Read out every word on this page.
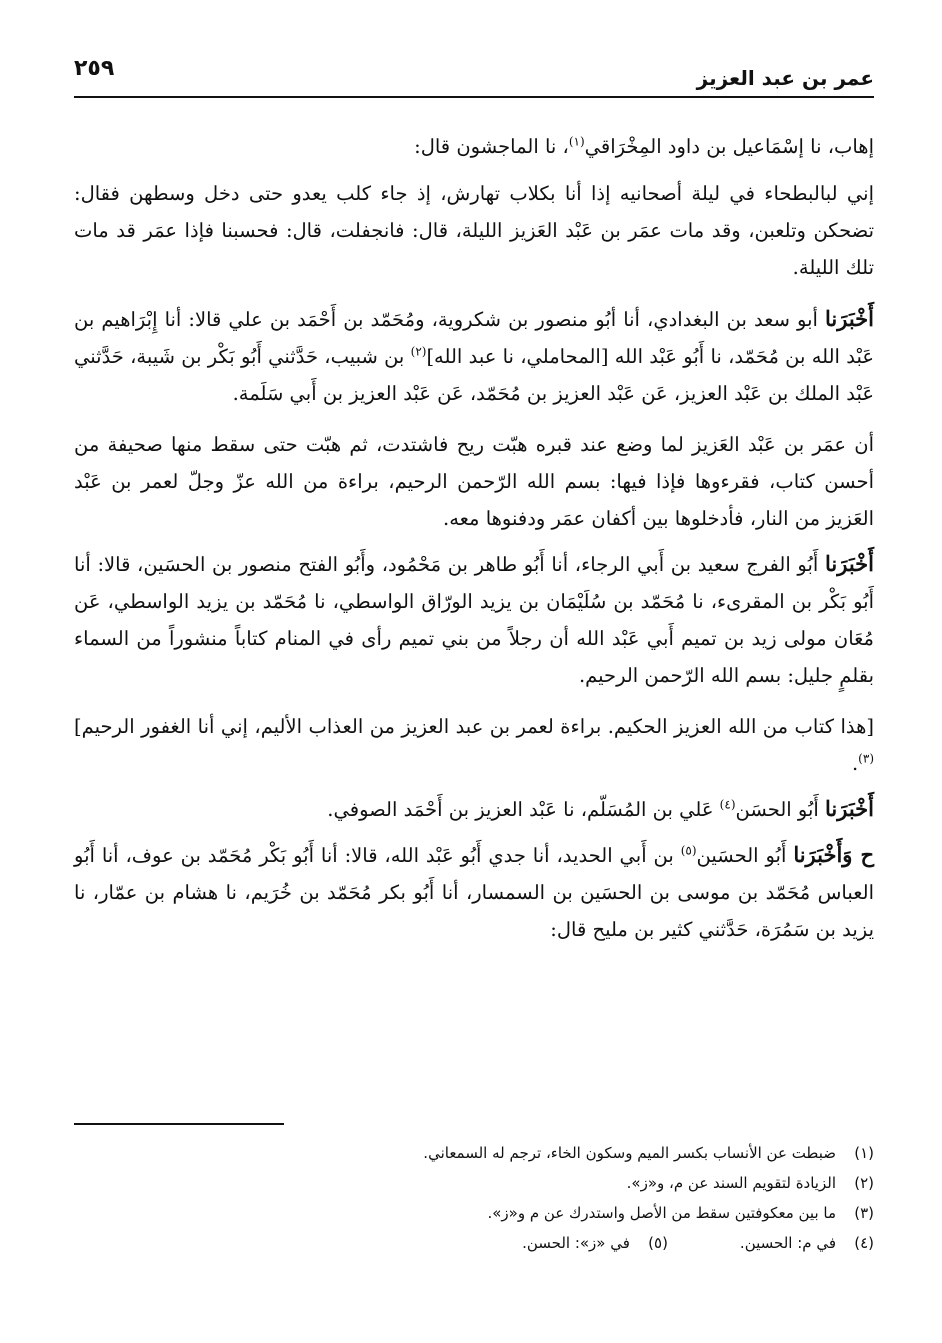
عمر بن عبد العزيز
٢٥٩

إهاب، نا إسْمَاعيل بن داود المِخْرَاقي$^{(١)}$، نا الماجشون قال:

إني لبالبطحاء في ليلة أصحانيه إذا أنا بكلاب تهارش، إذ جاء كلب يعدو حتى دخل وسطهن فقال: تضحكن وتلعبن، وقد مات عمَر بن عَبْد العَزيز الليلة، قال: فانجفلت، قال: فحسبنا فإذا عمَر قد مات تلك الليلة.

أَخْبَرَنا أبو سعد بن البغدادي، أنا أبُو منصور بن شكروية، ومُحَمّد بن أَحْمَد بن علي قالا: أنا إِبْرَاهيم بن عَبْد الله بن مُحَمّد، نا أَبُو عَبْد الله [المحاملي، نا عبد الله]$^{(٢)}$ بن شبيب، حَدَّثني أَبُو بَكْر بن شَيبة، حَدَّثني عَبْد الملك بن عَبْد العزيز، عَن عَبْد العزيز بن مُحَمّد، عَن عَبْد العزيز بن أَبي سَلَمة.

أن عمَر بن عَبْد العَزيز لما وضع عند قبره هبّت ريح فاشتدت، ثم هبّت حتى سقط منها صحيفة من أحسن كتاب، فقرءوها فإذا فيها: بسم الله الرّحمن الرحيم، براءة من الله عزّ وجلّ لعمر بن عَبْد العَزيز من النار، فأدخلوها بين أكفان عمَر ودفنوها معه.

أَخْبَرَنا أَبُو الفرج سعيد بن أَبي الرجاء، أنا أَبُو طاهر بن مَحْمُود، وأَبُو الفتح منصور بن الحسَين، قالا: أنا أَبُو بَكْر بن المقرىء، نا مُحَمّد بن سُلَيْمَان بن يزيد الورّاق الواسطي، نا مُحَمّد بن يزيد الواسطي، عَن مُعَان مولى زيد بن تميم أَبي عَبْد الله أن رجلاً من بني تميم رأى في المنام كتاباً منشوراً من السماء بقلمٍ جليل: بسم الله الرّحمن الرحيم.

[هذا كتاب من الله العزيز الحكيم. براءة لعمر بن عبد العزيز من العذاب الأليم، إني أنا الغفور الرحيم]$^{(٣)}$.

أَخْبَرَنا أَبُو الحسَن$^{(٤)}$ عَلي بن المُسَلّم، نا عَبْد العزيز بن أَحْمَد الصوفي.

ح وَأَخْبَرَنا أَبُو الحسَين$^{(٥)}$ بن أَبي الحديد، أنا جدي أَبُو عَبْد الله، قالا: أنا أَبُو بَكْر مُحَمّد بن عوف، أنا أَبُو العباس مُحَمّد بن موسى بن الحسَين بن السمسار، أنا أَبُو بكر مُحَمّد بن خُرَيم، نا هشام بن عمّار، نا يزيد بن سَمُرَة، حَدَّثني كثير بن مليح قال:

(١)ضبطت عن الأنساب بكسر الميم وسكون الخاء، ترجم له السمعاني.
(٢)الزيادة لتقويم السند عن م، و«ز».
(٣)ما بين معكوفتين سقط من الأصل واستدرك عن م و«ز».
(٤)في م: الحسين.
(٥)في «ز»: الحسن.
